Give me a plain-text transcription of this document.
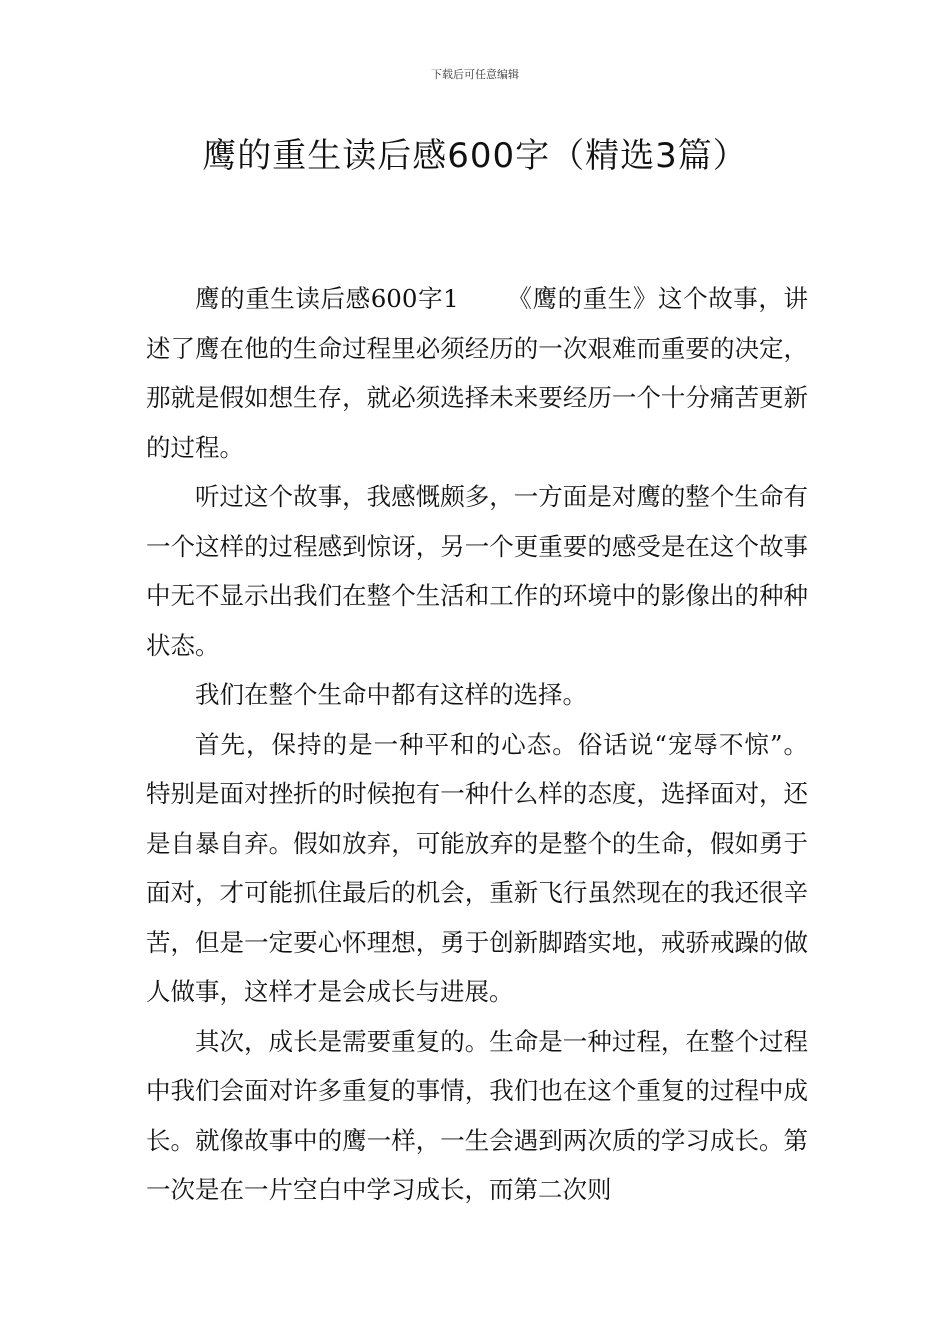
下载后可任意编辑
鹰的重生读后感600字（精选3篇）

鹰的重生读后感600字1 《鹰的重生》这个故事，讲述了鹰在他的生命过程里必须经历的一次艰难而重要的决定，那就是假如想生存，就必须选择未来要经历一个十分痛苦更新的过程。

听过这个故事，我感慨颇多，一方面是对鹰的整个生命有一个这样的过程感到惊讶，另一个更重要的感受是在这个故事中无不显示出我们在整个生活和工作的环境中的影像出的种种状态。

我们在整个生命中都有这样的选择。

首先，保持的是一种平和的心态。俗话说“宠辱不惊”。特别是面对挫折的时候抱有一种什么样的态度，选择面对，还是自暴自弃。假如放弃，可能放弃的是整个的生命，假如勇于面对，才可能抓住最后的机会，重新飞行虽然现在的我还很辛苦，但是一定要心怀理想，勇于创新脚踏实地，戒骄戒躁的做人做事，这样才是会成长与进展。

其次，成长是需要重复的。生命是一种过程，在整个过程中我们会面对许多重复的事情，我们也在这个重复的过程中成长。就像故事中的鹰一样，一生会遇到两次质的学习成长。第一次是在一片空白中学习成长，而第二次则
